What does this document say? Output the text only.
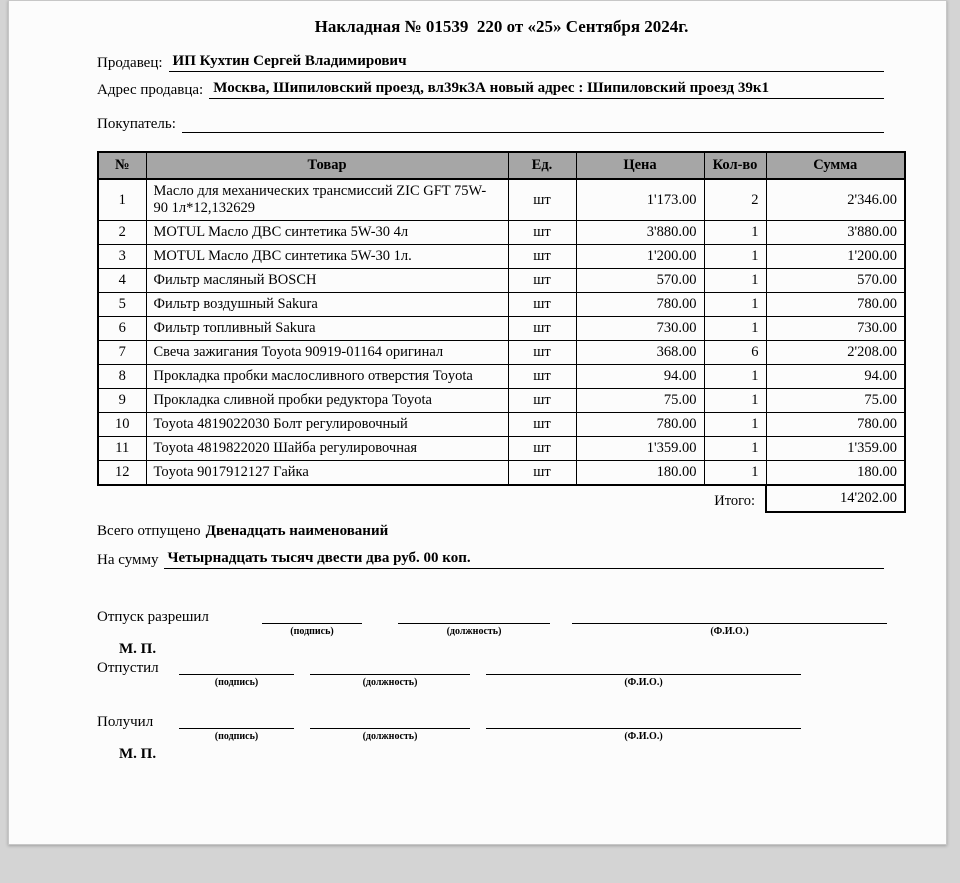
Накладная № 01539  220 от «25» Сентября 2024г.
Продавец: ИП Кухтин Сергей Владимирович
Адрес продавца: Москва, Шипиловский проезд, вл39к3А новый адрес : Шипиловский проезд 39к1
Покупатель:
№	Товар	Ед.	Цена	Кол-во	Сумма
1	Масло для механических трансмиссий ZIC GFT 75W-90 1л*12,132629	шт	1'173.00	2	2'346.00
2	MOTUL Масло ДВС синтетика 5W-30 4л	шт	3'880.00	1	3'880.00
3	MOTUL Масло ДВС синтетика 5W-30 1л.	шт	1'200.00	1	1'200.00
4	Фильтр масляный BOSCH	шт	570.00	1	570.00
5	Фильтр воздушный Sakura	шт	780.00	1	780.00
6	Фильтр топливный Sakura	шт	730.00	1	730.00
7	Свеча зажигания Toyota 90919-01164 оригинал	шт	368.00	6	2'208.00
8	Прокладка пробки маслосливного отверстия Toyota	шт	94.00	1	94.00
9	Прокладка сливной пробки редуктора Toyota	шт	75.00	1	75.00
10	Toyota 4819022030 Болт регулировочный	шт	780.00	1	780.00
11	Toyota 4819822020 Шайба регулировочная	шт	1'359.00	1	1'359.00
12	Toyota 9017912127 Гайка	шт	180.00	1	180.00
Итого:	14'202.00
Всего отпущено Двенадцать наименований
На сумму Четырнадцать тысяч двести два руб. 00 коп.
Отпуск разрешил
(подпись)	(должность)	(Ф.И.О.)
М. П.
Отпустил
(подпись)	(должность)	(Ф.И.О.)
Получил
(подпись)	(должность)	(Ф.И.О.)
М. П.
